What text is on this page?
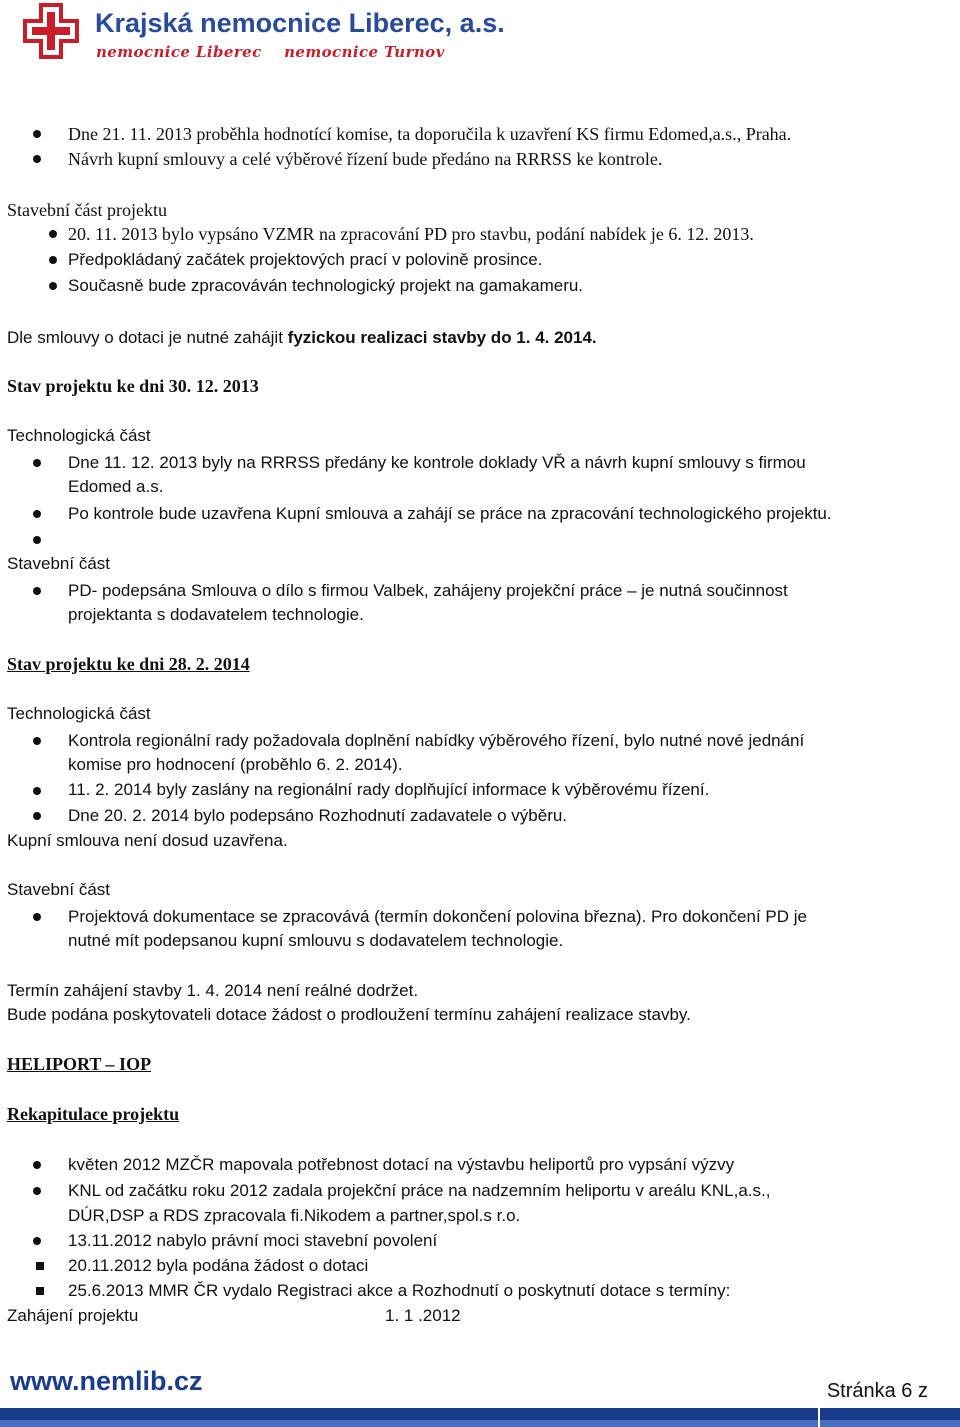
Krajská nemocnice Liberec, a.s.
nemocnice Liberec nemocnice Turnov
Dne 21. 11. 2013 proběhla hodnotící komise, ta doporučila k uzavření KS firmu Edomed,a.s., Praha.
Návrh kupní smlouvy a celé výběrové řízení bude předáno na RRRSS ke kontrole.
Stavební část projektu
20. 11. 2013 bylo vypsáno VZMR na zpracování PD pro stavbu, podání nabídek je 6. 12. 2013.
Předpokládaný začátek projektových prací v polovině prosince.
Současně bude zpracováván technologický projekt na gamakameru.
Dle smlouvy o dotaci je nutné zahájit fyzickou realizaci stavby do 1. 4. 2014.
Stav projektu ke dni 30. 12. 2013
Technologická část
Dne 11. 12. 2013 byly na RRRSS předány ke kontrole doklady VŘ a návrh kupní smlouvy s firmou
Edomed a.s.
Po kontrole bude uzavřena Kupní smlouva a zahájí se práce na zpracování technologického projektu.
Stavební část
PD- podepsána Smlouva o dílo s firmou Valbek, zahájeny projekční práce – je nutná součinnost
projektanta s dodavatelem technologie.
Stav projektu ke dni 28. 2. 2014
Technologická část
Kontrola regionální rady požadovala doplnění nabídky výběrového řízení, bylo nutné nové jednání
komise pro hodnocení (proběhlo 6. 2. 2014).
11. 2. 2014 byly zaslány na regionální rady doplňující informace k výběrovému řízení.
Dne 20. 2. 2014 bylo podepsáno Rozhodnutí zadavatele o výběru.
Kupní smlouva není dosud uzavřena.
Stavební část
Projektová dokumentace se zpracovává (termín dokončení polovina března). Pro dokončení PD je
nutné mít podepsanou kupní smlouvu s dodavatelem technologie.
Termín zahájení stavby 1. 4. 2014 není reálné dodržet.
Bude podána poskytovateli dotace žádost o prodloužení termínu zahájení realizace stavby.
HELIPORT – IOP
Rekapitulace projektu
květen 2012 MZČR mapovala potřebnost dotací na výstavbu heliportů pro vypsání výzvy
KNL od začátku roku 2012 zadala projekční práce na nadzemním heliportu v areálu KNL,a.s.,
DÚR,DSP a RDS zpracovala fi.Nikodem a partner,spol.s r.o.
13.11.2012 nabylo právní moci stavební povolení
20.11.2012 byla podána žádost o dotaci
25.6.2013 MMR ČR vydalo Registraci akce a Rozhodnutí o poskytnutí dotace s termíny:
Zahájení projektu	1. 1 .2012
www.nemlib.cz	Stránka 6 z
